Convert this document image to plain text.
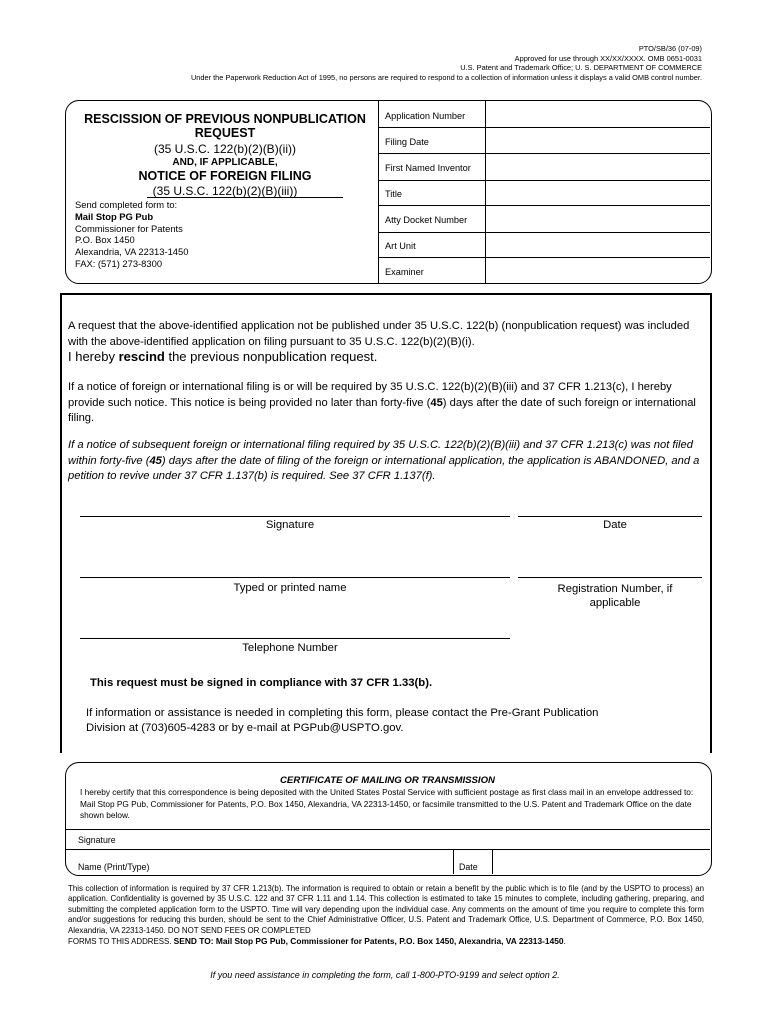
PTO/SB/36 (07-09)
Approved for use through XX/XX/XXXX. OMB 0651-0031
U.S. Patent and Trademark Office; U. S. DEPARTMENT OF COMMERCE
Under the Paperwork Reduction Act of 1995, no persons are required to respond to a collection of information unless it displays a valid OMB control number.
RESCISSION OF PREVIOUS NONPUBLICATION
REQUEST
(35 U.S.C. 122(b)(2)(B)(ii))
AND, IF APPLICABLE,
NOTICE OF FOREIGN FILING
(35 U.S.C. 122(b)(2)(B)(iii))
Send completed form to:
Mail Stop PG Pub
Commissioner for Patents
P.O. Box 1450
Alexandria, VA 22313-1450
FAX: (571) 273-8300
Application Number
Filing Date
First Named Inventor
Title
Atty Docket Number
Art Unit
Examiner
A request that the above-identified application not be published under 35 U.S.C. 122(b) (nonpublication request) was included with the above-identified application on filing pursuant to 35 U.S.C. 122(b)(2)(B)(i).
I hereby rescind the previous nonpublication request.
If a notice of foreign or international filing is or will be required by 35 U.S.C. 122(b)(2)(B)(iii) and 37 CFR 1.213(c), I hereby provide such notice. This notice is being provided no later than forty-five (45) days after the date of such foreign or international filing.
If a notice of subsequent foreign or international filing required by 35 U.S.C. 122(b)(2)(B)(iii) and 37 CFR 1.213(c) was not filed within forty-five (45) days after the date of filing of the foreign or international application, the application is ABANDONED, and a petition to revive under 37 CFR 1.137(b) is required. See 37 CFR 1.137(f).
Signature	Date
Typed or printed name	Registration Number, if
applicable
Telephone Number
This request must be signed in compliance with 37 CFR 1.33(b).
If information or assistance is needed in completing this form, please contact the Pre-Grant Publication
Division at (703)605-4283 or by e-mail at PGPub@USPTO.gov.
CERTIFICATE OF MAILING OR TRANSMISSION
I hereby certify that this correspondence is being deposited with the United States Postal Service with sufficient postage as first class mail in an envelope addressed to: Mail Stop PG Pub, Commissioner for Patents, P.O. Box 1450, Alexandria, VA 22313-1450, or facsimile transmitted to the U.S. Patent and Trademark Office on the date shown below.
Signature
Name (Print/Type)	Date
This collection of information is required by 37 CFR 1.213(b). The information is required to obtain or retain a benefit by the public which is to file (and by the USPTO to process) an application. Confidentiality is governed by 35 U.S.C. 122 and 37 CFR 1.11 and 1.14. This collection is estimated to take 15 minutes to complete, including gathering, preparing, and submitting the completed application form to the USPTO. Time will vary depending upon the individual case. Any comments on the amount of time you require to complete this form and/or suggestions for reducing this burden, should be sent to the Chief Administrative Officer, U.S. Patent and Trademark Office, U.S. Department of Commerce, P.O. Box 1450, Alexandria, VA 22313-1450. DO NOT SEND FEES OR COMPLETED
FORMS TO THIS ADDRESS. SEND TO: Mail Stop PG Pub, Commissioner for Patents, P.O. Box 1450, Alexandria, VA 22313-1450.
If you need assistance in completing the form, call 1-800-PTO-9199 and select option 2.
